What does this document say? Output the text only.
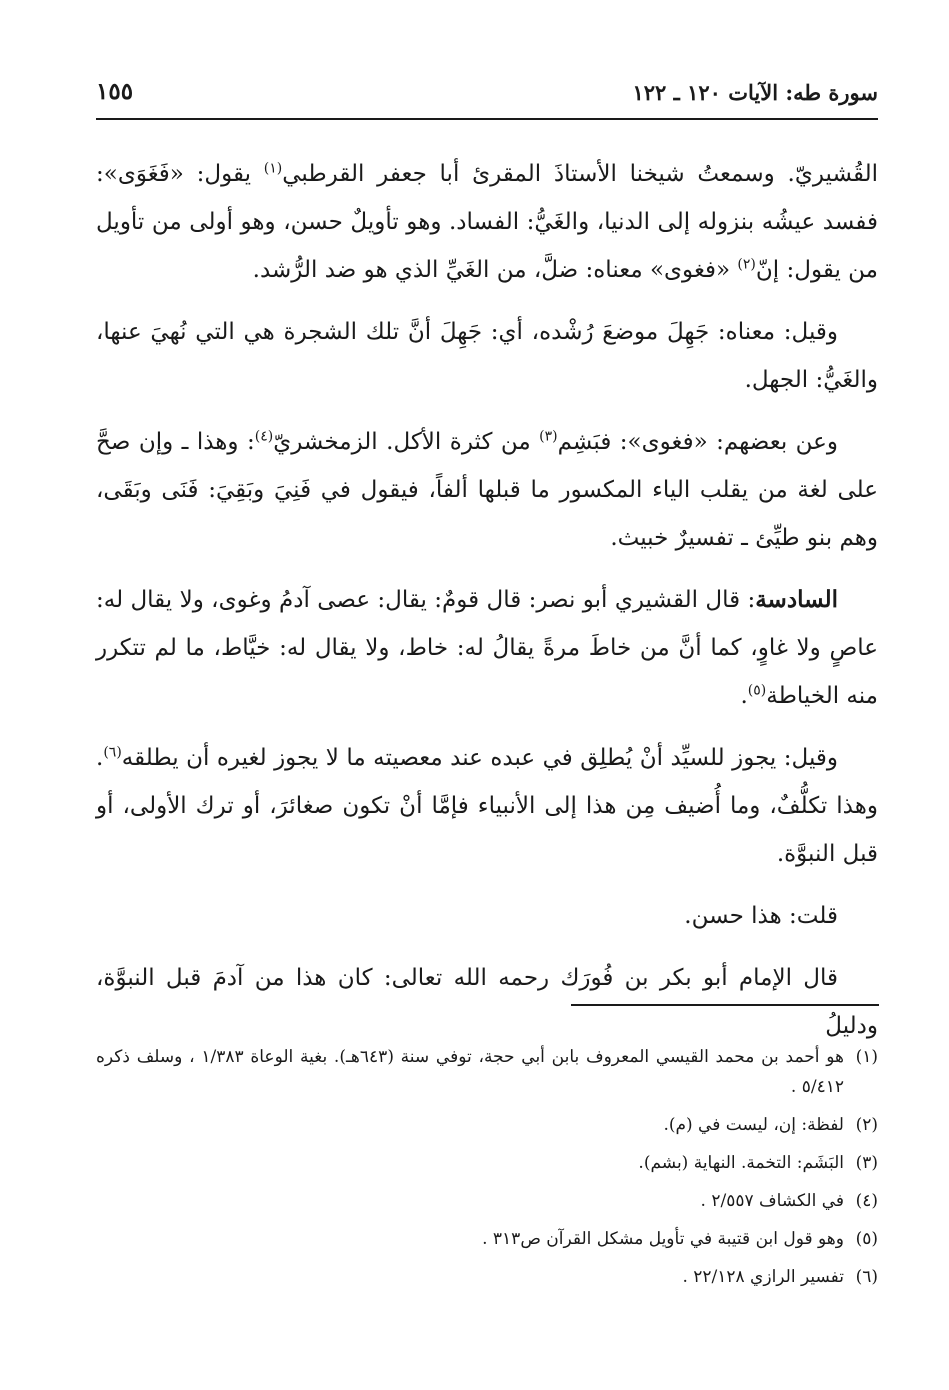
سورة طه: الآيات ١٢٠ ـ ١٢٢
١٥٥

القُشيريّ. وسمعتُ شيخنا الأستاذَ المقرئ أبا جعفر القرطبي$^{(١)}$ يقول: «فَغَوَى»: ففسد عيشُه بنزوله إلى الدنيا، والغَيُّ: الفساد. وهو تأويلٌ حسن، وهو أولى من تأويل من يقول: إنّ$^{(٢)}$ «فغوى» معناه: ضلَّ، من الغَيِّ الذي هو ضد الرُّشد.

وقيل: معناه: جَهِلَ موضعَ رُشْده، أي: جَهِلَ أنَّ تلك الشجرة هي التي نُهيَ عنها، والغَيُّ: الجهل.

وعن بعضهم: «فغوى»: فبَشِم$^{(٣)}$ من كثرة الأكل. الزمخشريّ$^{(٤)}$: وهذا ـ وإن صحَّ على لغة من يقلب الياء المكسور ما قبلها ألفاً، فيقول في فَنِيَ وبَقِيَ: فَنَى وبَقَى، وهم بنو طيِّئ ـ تفسيرٌ خبيث.

السادسة: قال القشيري أبو نصر: قال قومٌ: يقال: عصى آدمُ وغوى، ولا يقال له: عاصٍ ولا غاوٍ، كما أنَّ من خاطَ مرةً يقالُ له: خاط، ولا يقال له: خيَّاط، ما لم تتكرر منه الخياطة$^{(٥)}$.

وقيل: يجوز للسيِّد أنْ يُطلِق في عبده عند معصيته ما لا يجوز لغيره أن يطلقه$^{(٦)}$. وهذا تكلُّفٌ، وما أُضيف مِن هذا إلى الأنبياء فإمَّا أنْ تكون صغائرَ، أو ترك الأولى، أو قبل النبوَّة.

قلت: هذا حسن.

قال الإمام أبو بكر بن فُورَك رحمه الله تعالى: كان هذا من آدمَ قبل النبوَّة، ودليلُ

(١)هو أحمد بن محمد القيسي المعروف بابن أبي حجة، توفي سنة (٦٤٣هـ). بغية الوعاة ١/٣٨٣ ، وسلف ذكره ٥/٤١٢ .
(٢)لفظة: إن، ليست في (م).
(٣)البَشَم: التخمة. النهاية (بشم).
(٤)في الكشاف ٢/٥٥٧ .
(٥)وهو قول ابن قتيبة في تأويل مشكل القرآن ص٣١٣ .
(٦)تفسير الرازي ٢٢/١٢٨ .
